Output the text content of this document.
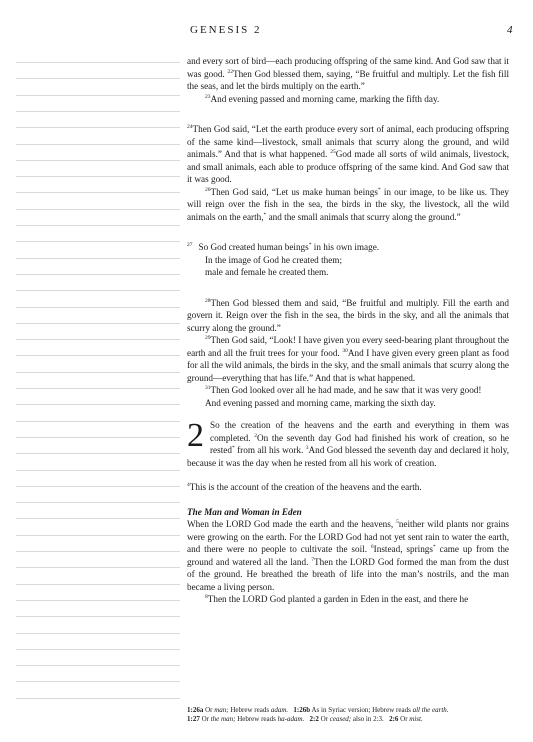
GENESIS 2	4

and every sort of bird—each producing offspring of the same kind. And God saw that it was good. $^{22}$Then God blessed them, saying, “Be fruitful and multiply. Let the fish fill the seas, and let the birds multiply on the earth.”

$^{23}$And evening passed and morning came, marking the fifth day.

$^{24}$Then God said, “Let the earth produce every sort of animal, each producing offspring of the same kind—livestock, small animals that scurry along the ground, and wild animals.” And that is what happened. $^{25}$God made all sorts of wild animals, livestock, and small animals, each able to produce offspring of the same kind. And God saw that it was good.

$^{26}$Then God said, “Let us make human beings* in our image, to be like us. They will reign over the fish in the sea, the birds in the sky, the livestock, all the wild animals on the earth,* and the small animals that scurry along the ground.”

$^{27}$ So God created human beings* in his own image.
In the image of God he created them;
male and female he created them.

$^{28}$Then God blessed them and said, “Be fruitful and multiply. Fill the earth and govern it. Reign over the fish in the sea, the birds in the sky, and all the animals that scurry along the ground.”

$^{29}$Then God said, “Look! I have given you every seed-bearing plant throughout the earth and all the fruit trees for your food. $^{30}$And I have given every green plant as food for all the wild animals, the birds in the sky, and the small animals that scurry along the ground—everything that has life.” And that is what happened.

$^{31}$Then God looked over all he had made, and he saw that it was very good!

And evening passed and morning came, marking the sixth day.

2 So the creation of the heavens and the earth and everything in them was completed. $^2$On the seventh day God had finished his work of creation, so he rested* from all his work. $^3$And God blessed the seventh day and declared it holy, because it was the day when he rested from all his work of creation.

$^4$This is the account of the creation of the heavens and the earth.

The Man and Woman in Eden

When the LORD God made the earth and the heavens, $^5$neither wild plants nor grains were growing on the earth. For the LORD God had not yet sent rain to water the earth, and there were no people to cultivate the soil. $^6$Instead, springs* came up from the ground and watered all the land. $^7$Then the LORD God formed the man from the dust of the ground. He breathed the breath of life into the man’s nostrils, and the man became a living person.

$^8$Then the LORD God planted a garden in Eden in the east, and there he

1:26a Or man; Hebrew reads adam. 1:26b As in Syriac version; Hebrew reads all the earth.
1:27 Or the man; Hebrew reads ha-adam. 2:2 Or ceased; also in 2:3. 2:6 Or mist.
